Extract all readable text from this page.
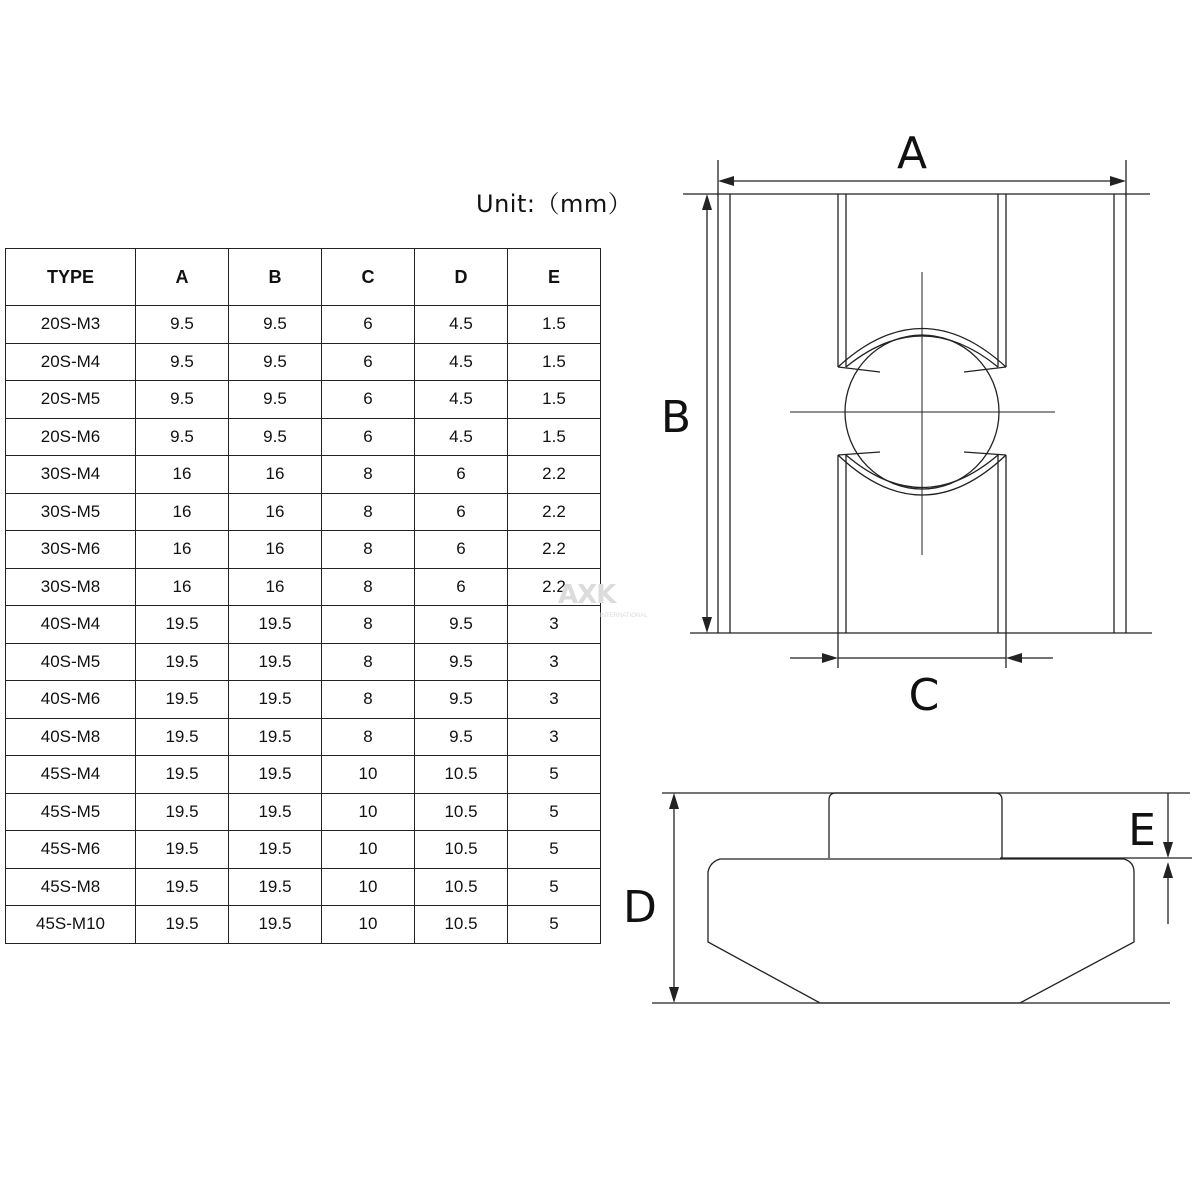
Unit:（mm）
TYPE	A	B	C	D	E
20S-M3	9.5	9.5	6	4.5	1.5
20S-M4	9.5	9.5	6	4.5	1.5
20S-M5	9.5	9.5	6	4.5	1.5
20S-M6	9.5	9.5	6	4.5	1.5
30S-M4	16	16	8	6	2.2
30S-M5	16	16	8	6	2.2
30S-M6	16	16	8	6	2.2
30S-M8	16	16	8	6	2.2
40S-M4	19.5	19.5	8	9.5	3
40S-M5	19.5	19.5	8	9.5	3
40S-M6	19.5	19.5	8	9.5	3
40S-M8	19.5	19.5	8	9.5	3
45S-M4	19.5	19.5	10	10.5	5
45S-M5	19.5	19.5	10	10.5	5
45S-M6	19.5	19.5	10	10.5	5
45S-M8	19.5	19.5	10	10.5	5
45S-M10	19.5	19.5	10	10.5	5
A
B
C
D
E
AXK
INTERNATIONAL
